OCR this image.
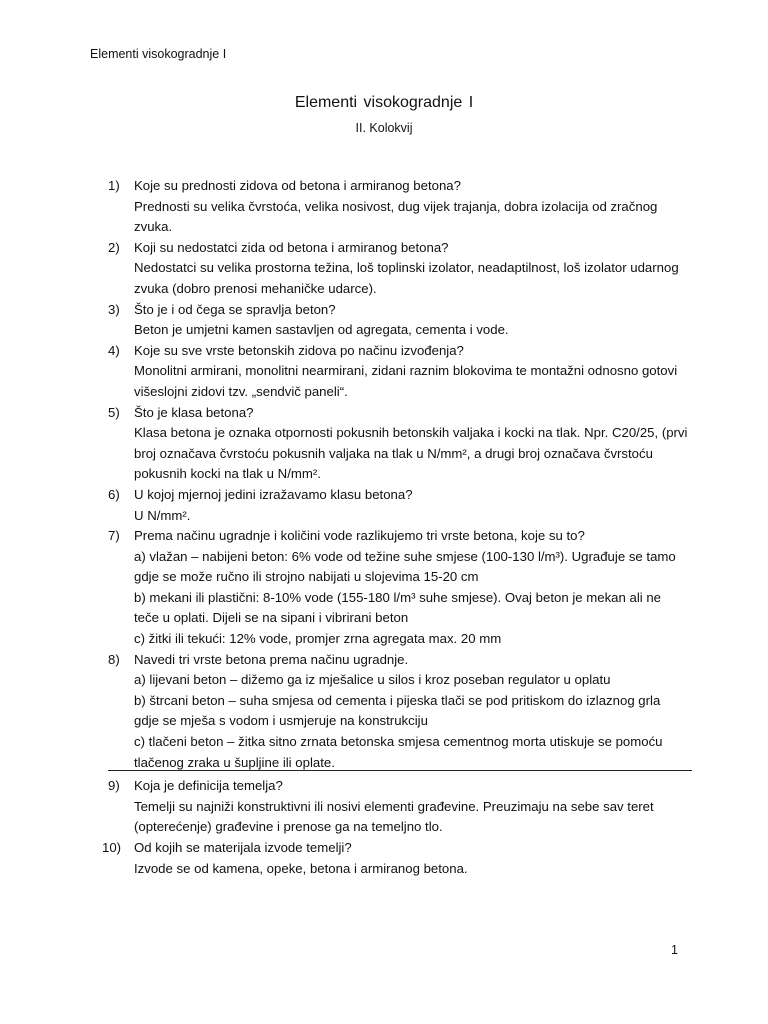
Elementi visokogradnje I
Elementi visokogradnje I
II. Kolokvij
1) Koje su prednosti zidova od betona i armiranog betona?
Prednosti su velika čvrstoća, velika nosivost, dug vijek trajanja, dobra izolacija od zračnog zvuka.
2) Koji su nedostatci zida od betona i armiranog betona?
Nedostatci su velika prostorna težina, loš toplinski izolator, neadaptilnost, loš izolator udarnog zvuka (dobro prenosi mehaničke udarce).
3) Što je i od čega se spravlja beton?
Beton je umjetni kamen sastavljen od agregata, cementa i vode.
4) Koje su sve vrste betonskih zidova po načinu izvođenja?
Monolitni armirani, monolitni nearmirani, zidani raznim blokovima te montažni odnosno gotovi višeslojni zidovi tzv. „sendvič paneli“.
5) Što je klasa betona?
Klasa betona je oznaka otpornosti pokusnih betonskih valjaka i kocki na tlak. Npr. C20/25, (prvi broj označava čvrstoću pokusnih valjaka na tlak u N/mm², a drugi broj označava čvrstoću pokusnih kocki na tlak u N/mm².
6) U kojoj mjernoj jedini izražavamo klasu betona?
U N/mm².
7) Prema načinu ugradnje i količini vode razlikujemo tri vrste betona, koje su to?
a) vlažan – nabijeni beton: 6% vode od težine suhe smjese (100-130 l/m³). Ugrađuje se tamo gdje se može ručno ili strojno nabijati u slojevima 15-20 cm
b) mekani ili plastični: 8-10% vode (155-180 l/m³ suhe smjese). Ovaj beton je mekan ali ne teče u oplati. Dijeli se na sipani i vibrirani beton
c) žitki ili tekući: 12% vode, promjer zrna agregata max. 20 mm
8) Navedi tri vrste betona prema načinu ugradnje.
a) lijevani beton – dižemo ga iz mješalice u silos i kroz poseban regulator u oplatu
b) štrcani beton – suha smjesa od cementa i pijeska tlači se pod pritiskom do izlaznog grla gdje se mješa s vodom i usmjeruje na konstrukciju
c) tlačeni beton – žitka sitno zrnata betonska smjesa cementnog morta utiskuje se pomoću tlačenog zraka u šupljine ili oplate.
9) Koja je definicija temelja?
Temelji su najniži konstruktivni ili nosivi elementi građevine. Preuzimaju na sebe sav teret (opterećenje) građevine i prenose ga na temeljno tlo.
10) Od kojih se materijala izvode temelji?
Izvode se od kamena, opeke, betona i armiranog betona.
1
